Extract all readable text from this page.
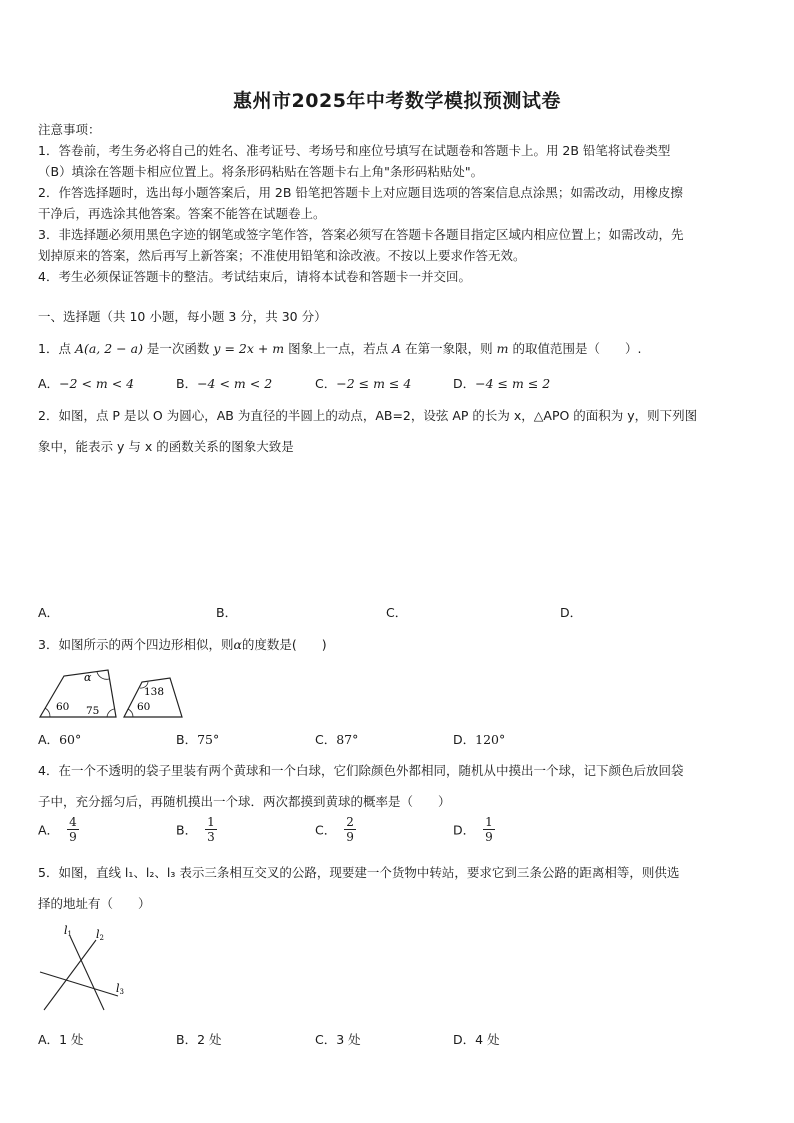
惠州市2025年中考数学模拟预测试卷
注意事项：
1．答卷前，考生务必将自己的姓名、准考证号、考场号和座位号填写在试题卷和答题卡上。用 2B 铅笔将试卷类型
（B）填涂在答题卡相应位置上。将条形码粘贴在答题卡右上角"条形码粘贴处"。
2．作答选择题时，选出每小题答案后，用 2B 铅笔把答题卡上对应题目选项的答案信息点涂黑；如需改动，用橡皮擦
干净后，再选涂其他答案。答案不能答在试题卷上。
3．非选择题必须用黑色字迹的钢笔或签字笔作答，答案必须写在答题卡各题目指定区域内相应位置上；如需改动，先
划掉原来的答案，然后再写上新答案；不准使用铅笔和涂改液。不按以上要求作答无效。
4．考生必须保证答题卡的整洁。考试结束后，请将本试卷和答题卡一并交回。
一、选择题（共 10 小题，每小题 3 分，共 30 分）
1．点 A(a, 2 − a) 是一次函数 y = 2x + m 图象上一点，若点 A 在第一象限，则 m 的取值范围是（　　）.
A．−2 < m < 4	B．−4 < m < 2	C．−2 ≤ m ≤ 4	D．−4 ≤ m ≤ 2
2．如图，点 P 是以 O 为圆心，AB 为直径的半圆上的动点，AB=2，设弦 AP 的长为 x，△APO 的面积为 y，则下列图
象中，能表示 y 与 x 的函数关系的图象大致是
A．	B．	C．	D．
3．如图所示的两个四边形相似，则α的度数是(　　)
α
60 75
138
60
A．60°	B．75°	C．87°	D．120°
4．在一个不透明的袋子里装有两个黄球和一个白球，它们除颜色外都相同，随机从中摸出一个球，记下颜色后放回袋
子中，充分摇匀后，再随机摸出一个球．两次都摸到黄球的概率是（　　）
A． $\frac{4}{9}$	B． $\frac{1}{3}$	C． $\frac{2}{9}$	D． $\frac{1}{9}$
5．如图，直线 l₁、l₂、l₃ 表示三条相互交叉的公路，现要建一个货物中转站，要求它到三条公路的距离相等，则供选
择的地址有（　　）
l1 l2
l3
A．1 处	B．2 处	C．3 处	D．4 处
